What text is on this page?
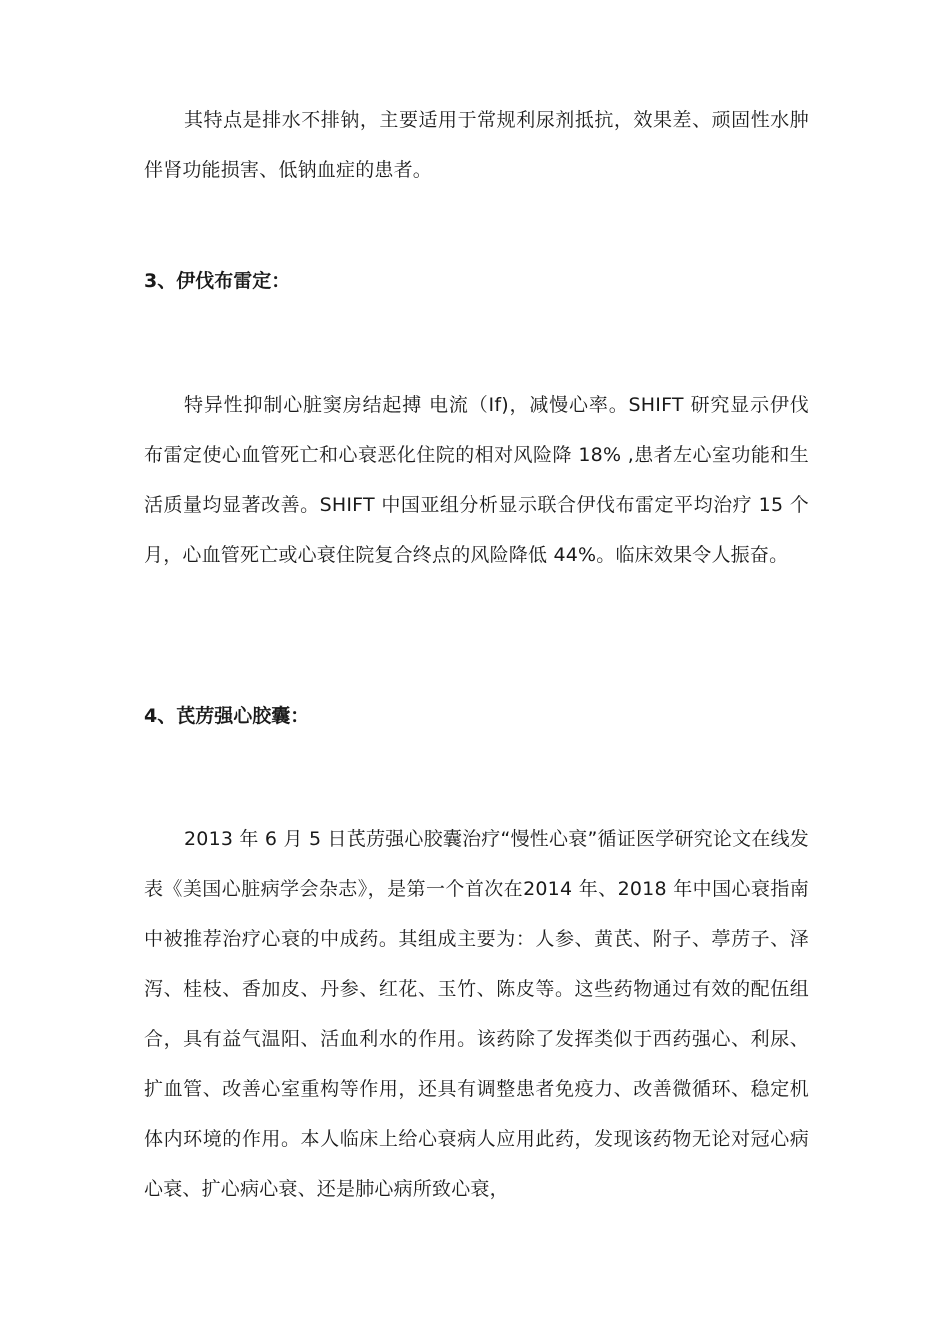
其特点是排水不排钠，主要适用于常规利尿剂抵抗，效果差、顽固性水肿伴肾功能损害、低钠血症的患者。

3、伊伐布雷定：

特异性抑制心脏窦房结起搏 电流（If)，减慢心率。SHIFT 研究显示伊伐布雷定使心血管死亡和心衰恶化住院的相对风险降 18% ,患者左心室功能和生活质量均显著改善。SHIFT 中国亚组分析显示联合伊伐布雷定平均治疗 15 个月，心血管死亡或心衰住院复合终点的风险降低 44%。临床效果令人振奋。

4、芪苈强心胶囊：

2013 年 6 月 5 日芪苈强心胶囊治疗“慢性心衰”循证医学研究论文在线发表《美国心脏病学会杂志》，是第一个首次在2014 年、2018 年中国心衰指南中被推荐治疗心衰的中成药。其组成主要为：人参、黄芪、附子、葶苈子、泽泻、桂枝、香加皮、丹参、红花、玉竹、陈皮等。这些药物通过有效的配伍组合，具有益气温阳、活血利水的作用。该药除了发挥类似于西药强心、利尿、扩血管、改善心室重构等作用，还具有调整患者免疫力、改善微循环、稳定机体内环境的作用。本人临床上给心衰病人应用此药，发现该药物无论对冠心病心衰、扩心病心衰、还是肺心病所致心衰，
